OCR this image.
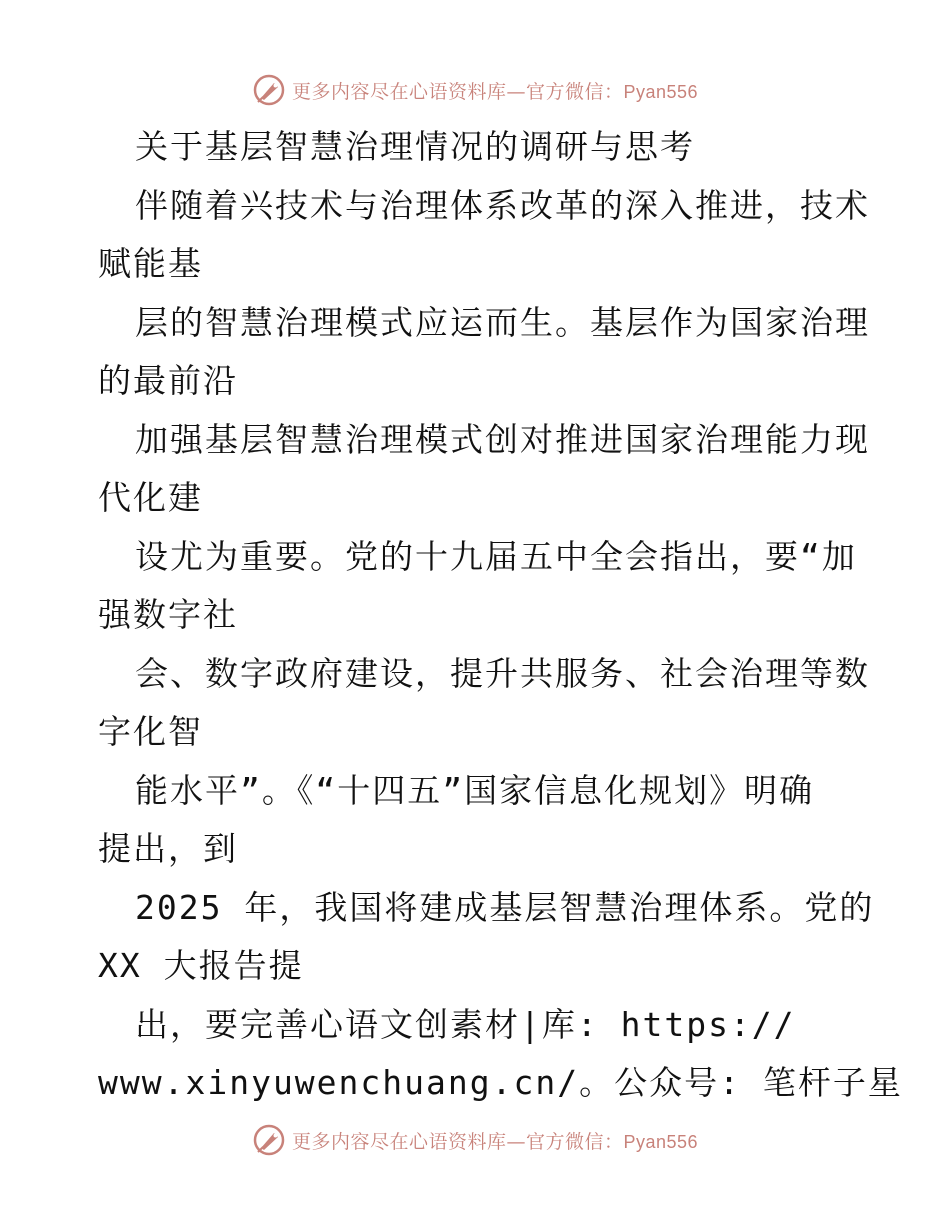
更多内容尽在心语资料库—官方微信：Pyan556
关于基层智慧治理情况的调研与思考
伴随着兴技术与治理体系改革的深入推进，技术
赋能基
层的智慧治理模式应运而生。基层作为国家治理
的最前沿
加强基层智慧治理模式创对推进国家治理能力现
代化建
设尤为重要。党的十九届五中全会指出，要“加
强数字社
会、数字政府建设，提升共服务、社会治理等数
字化智
能水平”。《“十四五”国家信息化规划》明确
提出，到
2025 年，我国将建成基层智慧治理体系。党的
XX 大报告提
出，要完善心语文创素材|库: https://
www.xinyuwenchuang.cn/。公众号: 笔杆子星
更多内容尽在心语资料库—官方微信：Pyan556
